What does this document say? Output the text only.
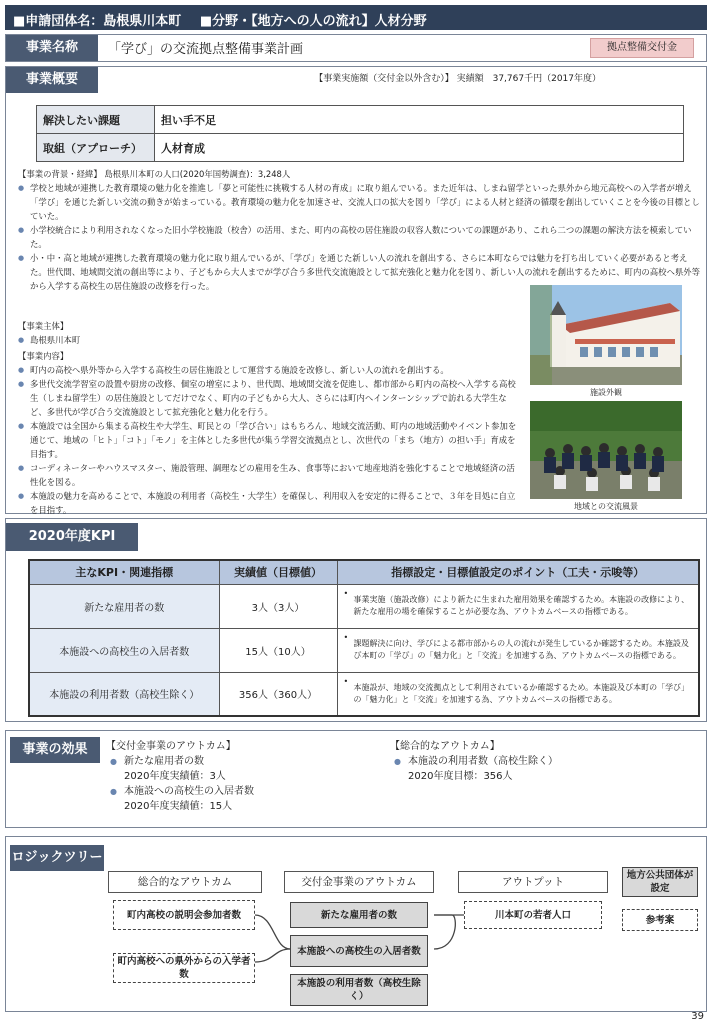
■申請団体名：島根県川本町 ■分野・【地方への人の流れ】人材分野
事業名称	「学び」の交流拠点整備事業計画	拠点整備交付金
事業概要	【事業実施額（交付金以外含む）】 実績額　37,767千円（2017年度）
解決したい課題	担い手不足
取組（アプローチ）	人材育成

【事業の背景・経緯】 島根県川本町の人口(2020年国勢調査)：3,248人

● 学校と地域が連携した教育環境の魅力化を推進し「夢と可能性に挑戦する人材の育成」に取り組んでいる。また近年は、しまね留学といった県外から地元高校への入学者が増え「学び」を通じた新しい交流の動きが始まっている。教育環境の魅力化を加速させ、交流人口の拡大を図り「学び」による人材と経済の循環を創出していくことを今後の目標としていた。

● 小学校統合により利用されなくなった旧小学校施設（校舎）の活用、また、町内の高校の居住施設の収容人数についての課題があり、これら二つの課題の解決方法を模索していた。

● 小・中・高と地域が連携した教育環境の魅力化に取り組んでいるが、「学び」を通じた新しい人の流れを創出する、さらに本町ならでは魅力を打ち出していく必要があると考えた。世代間、地域間交流の創出等により、子どもから大人までが学び合う多世代交流施設として拡充強化と魅力化を図り、新しい人の流れを創出するために、町内の高校へ県外等から入学する高校生の居住施設の改修を行った。

【事業主体】

● 島根県川本町

【事業内容】

● 町内の高校へ県外等から入学する高校生の居住施設として運営する施設を改修し、新しい人の流れを創出する。

● 多世代交流学習室の設置や厨房の改修、個室の増室により、世代間、地域間交流を促進し、都市部から町内の高校へ入学する高校生（しまね留学生）の居住施設としてだけでなく、町内の子どもから大人、さらには町内へインターンシップで訪れる大学生など、多世代が学び合う交流施設として拡充強化と魅力化を行う。

● 本施設では全国から集まる高校生や大学生、町民との「学び合い」はもちろん、地域交流活動、町内の地域活動やイベント参加を通じて、地域の「ヒト」「コト」「モノ」を主体とした多世代が集う学習交流拠点とし、次世代の「まち（地方）の担い手」育成を目指す。

● コーディネーターやハウスマスター、施設管理、調理などの雇用を生み、食事等において地産地消を強化することで地域経済の活性化を図る。

● 本施設の魅力を高めることで、本施設の利用者（高校生・大学生）を確保し、利用収入を安定的に得ることで、３年を目処に自立を目指す。

施設外観
地域との交流風景
2020年度KPI
主なKPI・関連指標	実績値（目標値）	指標設定・目標値設定のポイント（工夫・示唆等）
新たな雇用者の数	3人（3人）	• 事業実施（施設改修）により新たに生まれた雇用効果を確認するため。本施設の改修により、新たな雇用の場を確保することが必要な為、アウトカムベースの指標である。
本施設への高校生の入居者数	15人（10人）	• 課題解決に向け、学びによる都市部からの人の流れが発生しているか確認するため。本施設及び本町の「学び」の「魅力化」と「交流」を加速する為、アウトカムベースの指標である。
本施設の利用者数（高校生除く）	356人（360人）	• 本施設が、地域の交流拠点として利用されているか確認するため。本施設及び本町の「学び」の「魅力化」と「交流」を加速する為、アウトカムベースの指標である。
事業の効果	【交付金事業のアウトカム】
● 新たな雇用者の数
2020年度実績値：3人
● 本施設への高校生の入居者数
2020年度実績値：15人
【総合的なアウトカム】
● 本施設の利用者数（高校生除く）
2020年度目標：356人
ロジックツリー
総合的なアウトカム	交付金事業のアウトカム	アウトプット
地方公共団体が設定
参考案
町内高校の説明会参加者数
町内高校への県外からの入学者数
新たな雇用者の数
本施設への高校生の入居者数
本施設の利用者数（高校生除く）
川本町の若者人口
39
